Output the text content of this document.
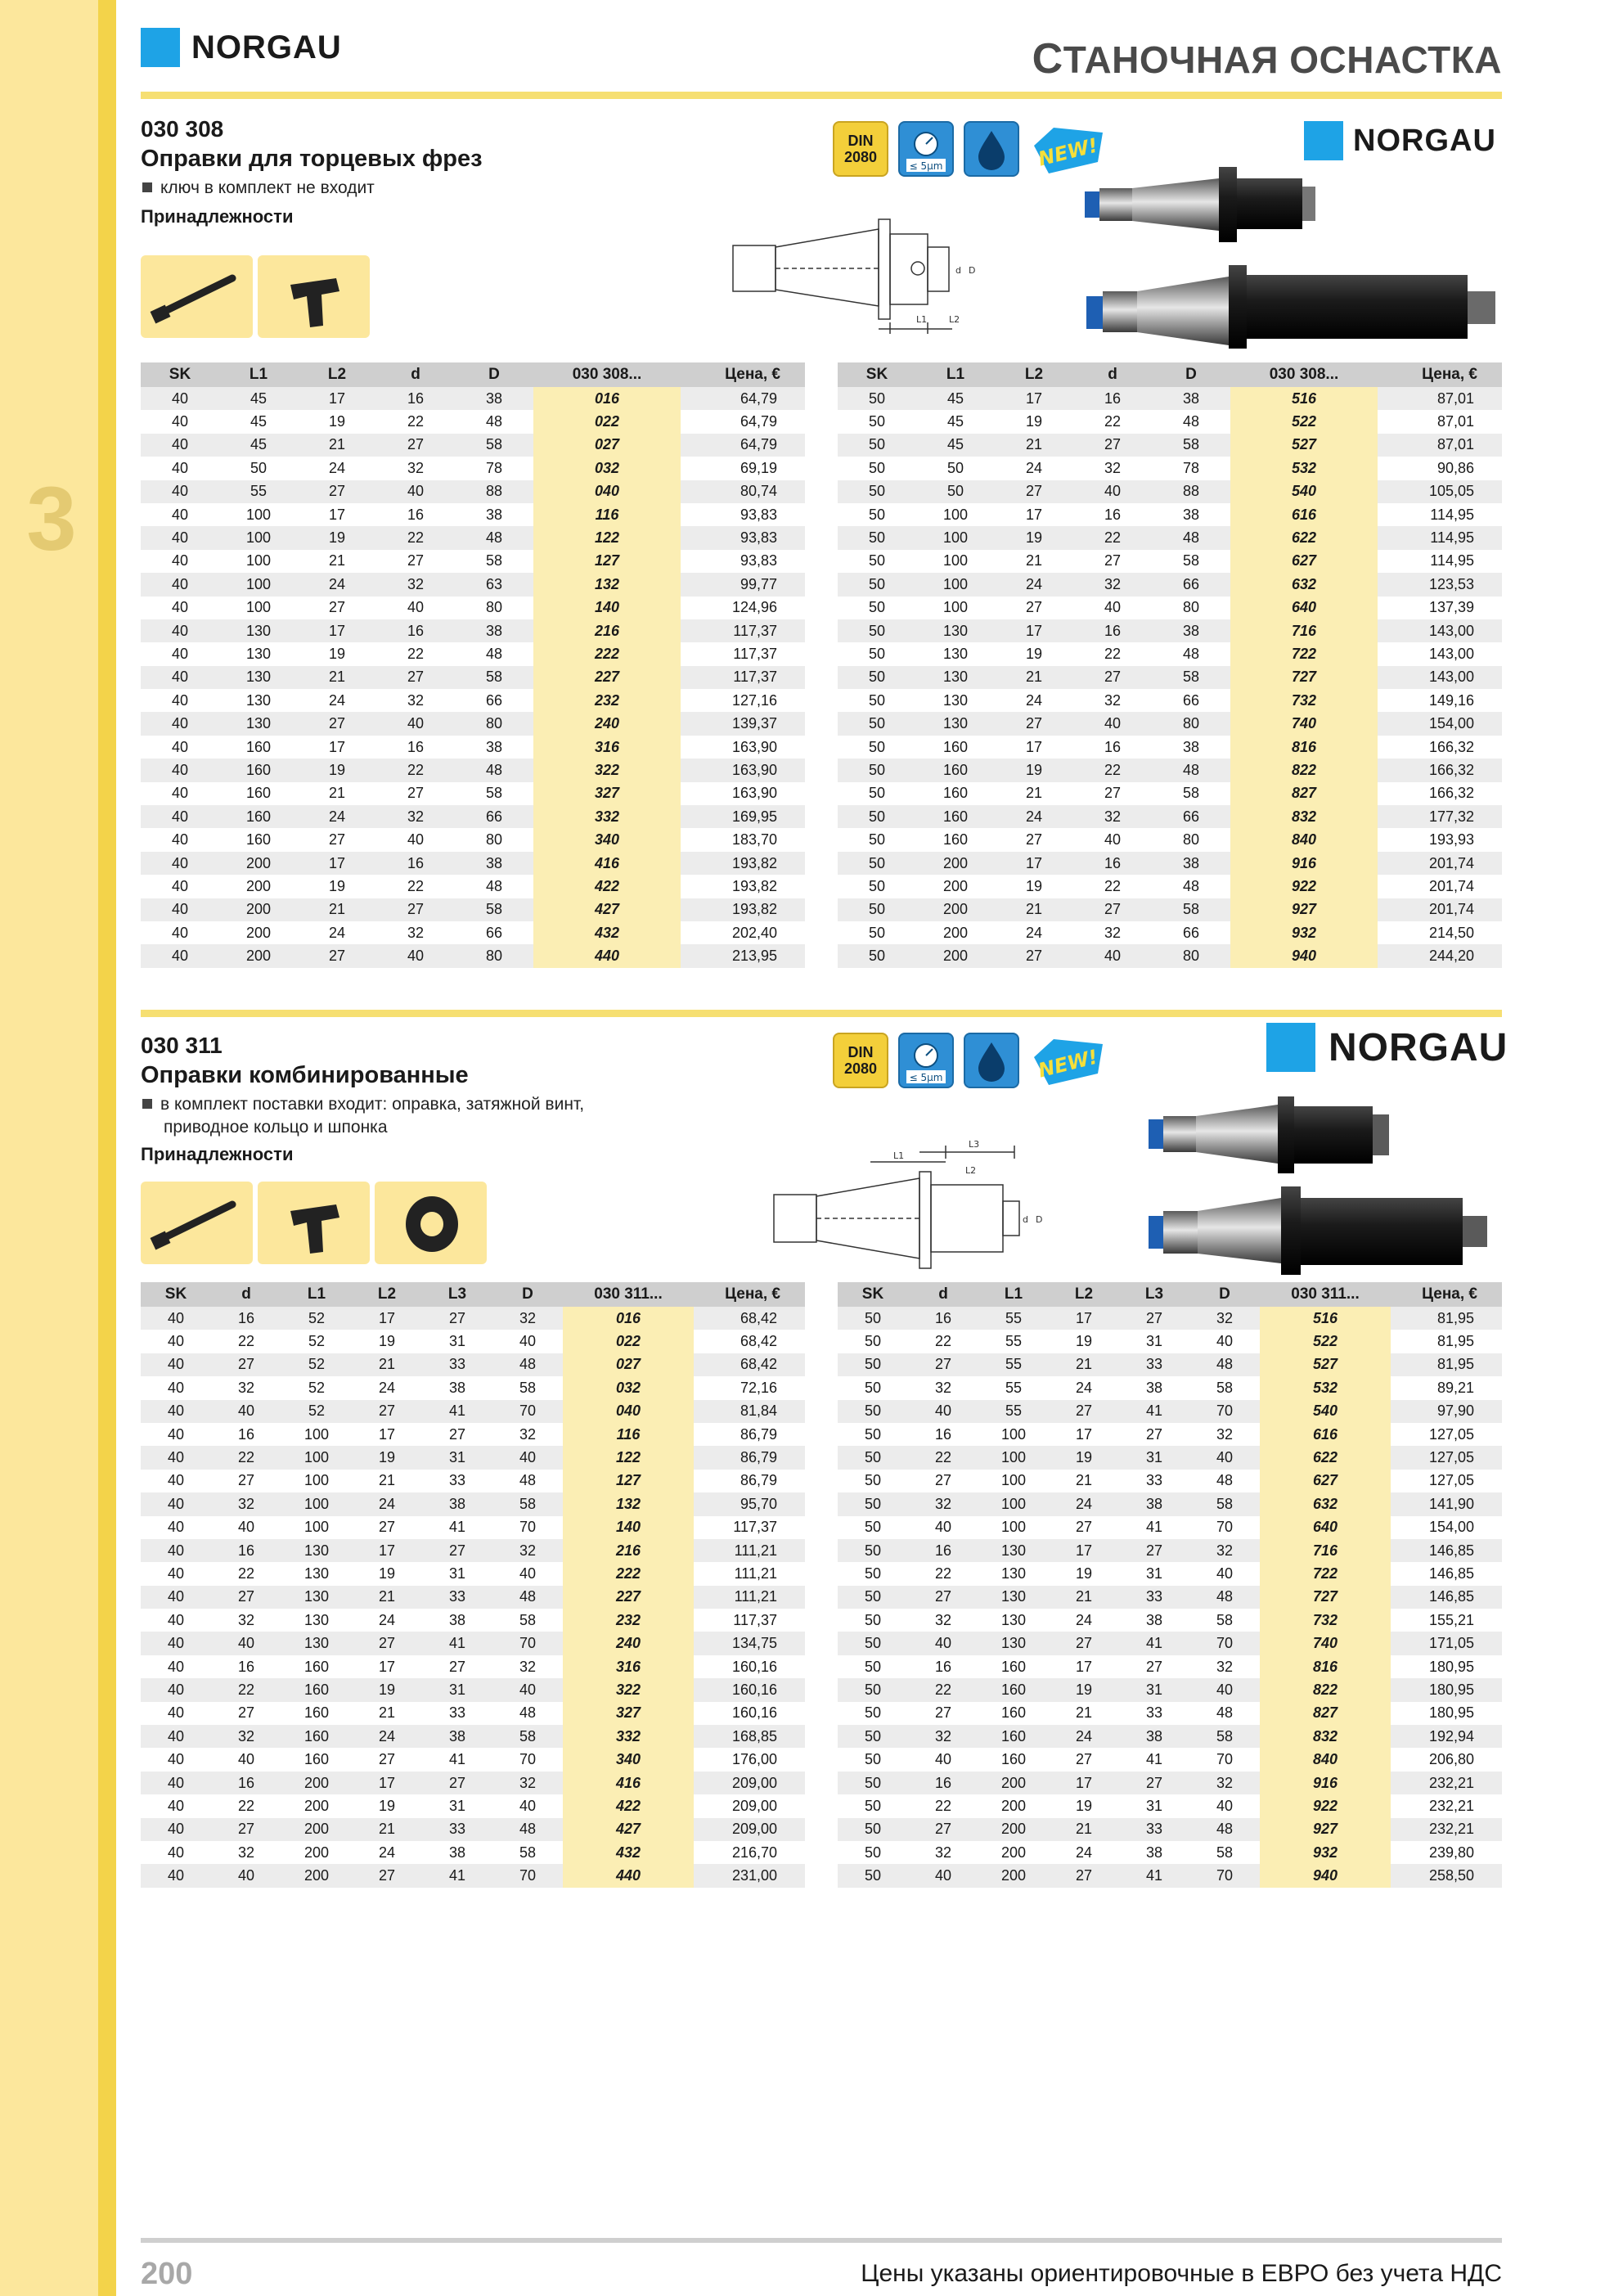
3
NORGAU	СТАНОЧНАЯ ОСНАСТКА
030 308
Оправки для торцевых фрез
ключ в комплект не входит
Принадлежности
DIN
2080
≤ 5μm	NEW!	NORGAU
L1 L2
d D
SK	L1	L2	d	D	030 308...	Цена, €
40	45	17	16	38	016	64,79
40	45	19	22	48	022	64,79
40	45	21	27	58	027	64,79
40	50	24	32	78	032	69,19
40	55	27	40	88	040	80,74
40	100	17	16	38	116	93,83
40	100	19	22	48	122	93,83
40	100	21	27	58	127	93,83
40	100	24	32	63	132	99,77
40	100	27	40	80	140	124,96
40	130	17	16	38	216	117,37
40	130	19	22	48	222	117,37
40	130	21	27	58	227	117,37
40	130	24	32	66	232	127,16
40	130	27	40	80	240	139,37
40	160	17	16	38	316	163,90
40	160	19	22	48	322	163,90
40	160	21	27	58	327	163,90
40	160	24	32	66	332	169,95
40	160	27	40	80	340	183,70
40	200	17	16	38	416	193,82
40	200	19	22	48	422	193,82
40	200	21	27	58	427	193,82
40	200	24	32	66	432	202,40
40	200	27	40	80	440	213,95
SK	L1	L2	d	D	030 308...	Цена, €
50	45	17	16	38	516	87,01
50	45	19	22	48	522	87,01
50	45	21	27	58	527	87,01
50	50	24	32	78	532	90,86
50	50	27	40	88	540	105,05
50	100	17	16	38	616	114,95
50	100	19	22	48	622	114,95
50	100	21	27	58	627	114,95
50	100	24	32	66	632	123,53
50	100	27	40	80	640	137,39
50	130	17	16	38	716	143,00
50	130	19	22	48	722	143,00
50	130	21	27	58	727	143,00
50	130	24	32	66	732	149,16
50	130	27	40	80	740	154,00
50	160	17	16	38	816	166,32
50	160	19	22	48	822	166,32
50	160	21	27	58	827	166,32
50	160	24	32	66	832	177,32
50	160	27	40	80	840	193,93
50	200	17	16	38	916	201,74
50	200	19	22	48	922	201,74
50	200	21	27	58	927	201,74
50	200	24	32	66	932	214,50
50	200	27	40	80	940	244,20
030 311
Оправки комбинированные
в комплект поставки входит: оправка, затяжной винт,
приводное кольцо и шпонка
Принадлежности
DIN
2080
≤ 5μm	NEW!	NORGAU
L1
L2
L3
d D
SK	d	L1	L2	L3	D	030 311...	Цена, €
40	16	52	17	27	32	016	68,42
40	22	52	19	31	40	022	68,42
40	27	52	21	33	48	027	68,42
40	32	52	24	38	58	032	72,16
40	40	52	27	41	70	040	81,84
40	16	100	17	27	32	116	86,79
40	22	100	19	31	40	122	86,79
40	27	100	21	33	48	127	86,79
40	32	100	24	38	58	132	95,70
40	40	100	27	41	70	140	117,37
40	16	130	17	27	32	216	111,21
40	22	130	19	31	40	222	111,21
40	27	130	21	33	48	227	111,21
40	32	130	24	38	58	232	117,37
40	40	130	27	41	70	240	134,75
40	16	160	17	27	32	316	160,16
40	22	160	19	31	40	322	160,16
40	27	160	21	33	48	327	160,16
40	32	160	24	38	58	332	168,85
40	40	160	27	41	70	340	176,00
40	16	200	17	27	32	416	209,00
40	22	200	19	31	40	422	209,00
40	27	200	21	33	48	427	209,00
40	32	200	24	38	58	432	216,70
40	40	200	27	41	70	440	231,00
SK	d	L1	L2	L3	D	030 311...	Цена, €
50	16	55	17	27	32	516	81,95
50	22	55	19	31	40	522	81,95
50	27	55	21	33	48	527	81,95
50	32	55	24	38	58	532	89,21
50	40	55	27	41	70	540	97,90
50	16	100	17	27	32	616	127,05
50	22	100	19	31	40	622	127,05
50	27	100	21	33	48	627	127,05
50	32	100	24	38	58	632	141,90
50	40	100	27	41	70	640	154,00
50	16	130	17	27	32	716	146,85
50	22	130	19	31	40	722	146,85
50	27	130	21	33	48	727	146,85
50	32	130	24	38	58	732	155,21
50	40	130	27	41	70	740	171,05
50	16	160	17	27	32	816	180,95
50	22	160	19	31	40	822	180,95
50	27	160	21	33	48	827	180,95
50	32	160	24	38	58	832	192,94
50	40	160	27	41	70	840	206,80
50	16	200	17	27	32	916	232,21
50	22	200	19	31	40	922	232,21
50	27	200	21	33	48	927	232,21
50	32	200	24	38	58	932	239,80
50	40	200	27	41	70	940	258,50
200	Цены указаны ориентировочные в ЕВРО без учета НДС
